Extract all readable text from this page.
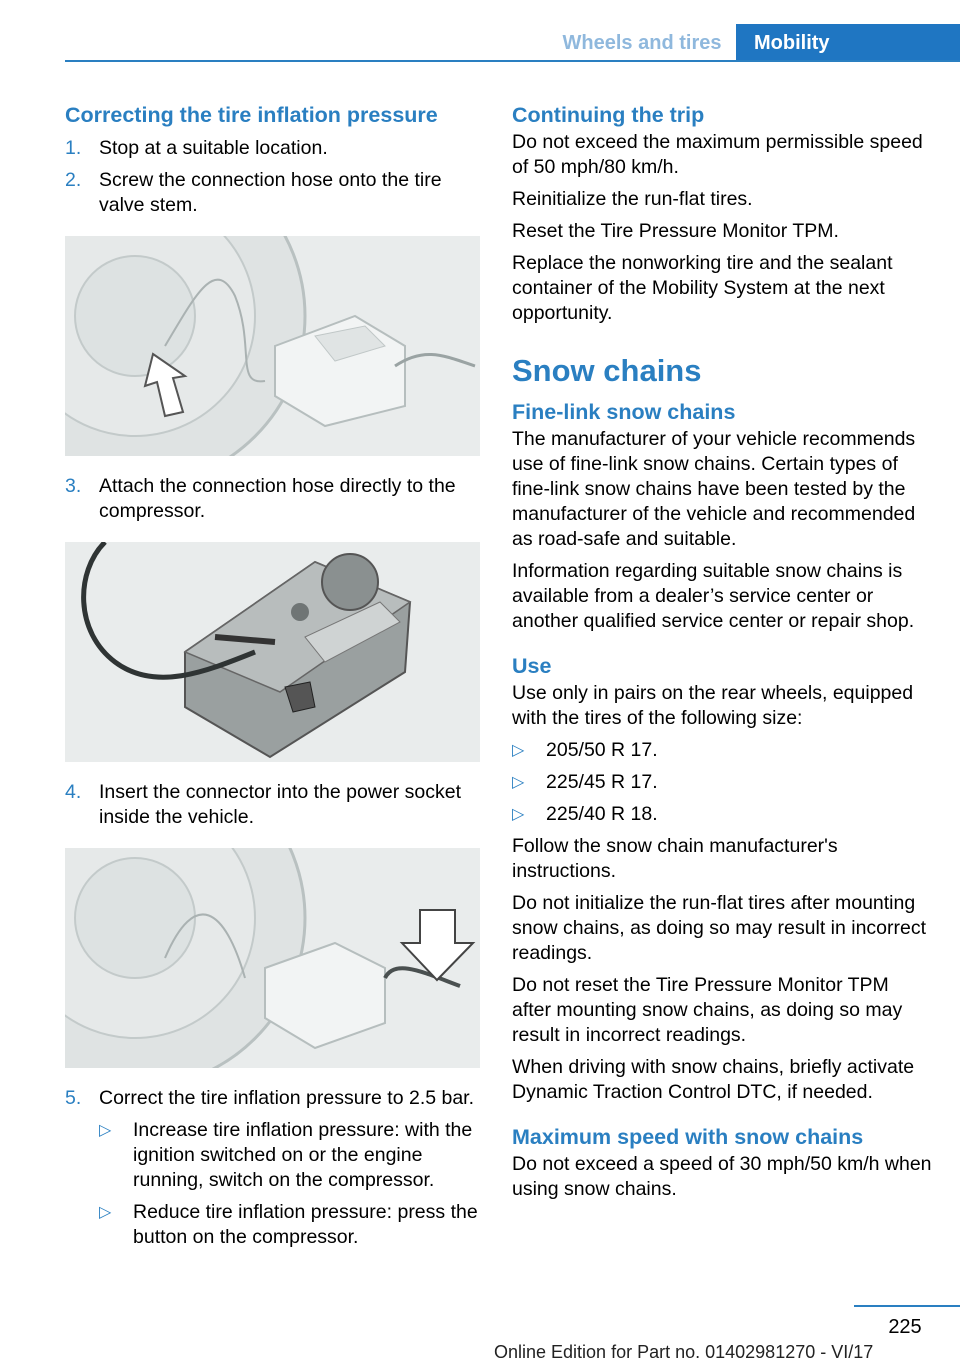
Wheels and tires	Mobility
Correcting the tire inflation pressure
1. Stop at a suitable location.
2. Screw the connection hose onto the tire valve stem.
3. Attach the connection hose directly to the compressor.
4. Insert the connector into the power socket inside the vehicle.
5. Correct the tire inflation pressure to 2.5 bar.
▷ Increase tire inflation pressure: with the ignition switched on or the engine running, switch on the compressor.
▷ Reduce tire inflation pressure: press the button on the compressor.
Continuing the trip

Do not exceed the maximum permissible speed of 50 mph/80 km/h.

Reinitialize the run-flat tires.

Reset the Tire Pressure Monitor TPM.

Replace the nonworking tire and the sealant container of the Mobility System at the next opportunity.

Snow chains
Fine-link snow chains

The manufacturer of your vehicle recommends use of fine-link snow chains. Certain types of fine-link snow chains have been tested by the manufacturer of the vehicle and recommended as road-safe and suitable.

Information regarding suitable snow chains is available from a dealer’s service center or another qualified service center or repair shop.

Use

Use only in pairs on the rear wheels, equipped with the tires of the following size:

▷ 205/50 R 17.
▷ 225/45 R 17.
▷ 225/40 R 18.

Follow the snow chain manufacturer's instructions.

Do not initialize the run-flat tires after mounting snow chains, as doing so may result in incorrect readings.

Do not reset the Tire Pressure Monitor TPM after mounting snow chains, as doing so may result in incorrect readings.

When driving with snow chains, briefly activate Dynamic Traction Control DTC, if needed.

Maximum speed with snow chains

Do not exceed a speed of 30 mph/50 km/h when using snow chains.

225
Online Edition for Part no. 01402981270 - VI/17
